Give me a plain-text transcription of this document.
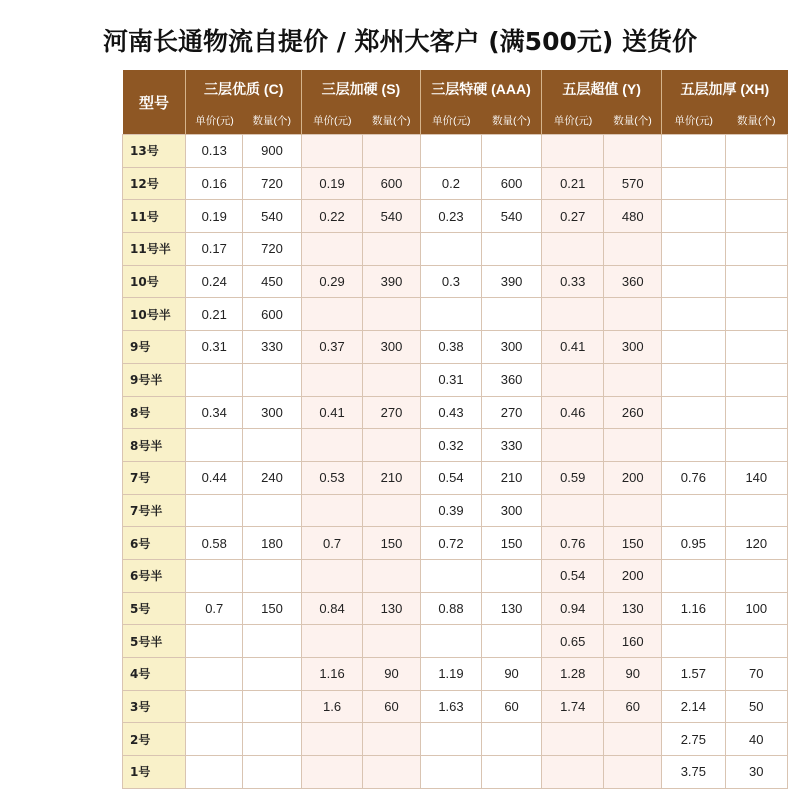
河南长通物流自提价 / 郑州大客户 (满500元) 送货价
型号	三层优质 (C)		三层加硬 (S)		三层特硬 (AAA)		五层超值 (Y)		五层加厚 (XH)	
	单价(元)	数量(个)	单价(元)	数量(个)	单价(元)	数量(个)	单价(元)	数量(个)	单价(元)	数量(个)
13号	0.13	900								
12号	0.16	720	0.19	600	0.2	600	0.21	570		
11号	0.19	540	0.22	540	0.23	540	0.27	480		
11号半	0.17	720								
10号	0.24	450	0.29	390	0.3	390	0.33	360		
10号半	0.21	600								
9号	0.31	330	0.37	300	0.38	300	0.41	300		
9号半					0.31	360				
8号	0.34	300	0.41	270	0.43	270	0.46	260		
8号半					0.32	330				
7号	0.44	240	0.53	210	0.54	210	0.59	200	0.76	140
7号半					0.39	300				
6号	0.58	180	0.7	150	0.72	150	0.76	150	0.95	120
6号半							0.54	200		
5号	0.7	150	0.84	130	0.88	130	0.94	130	1.16	100
5号半							0.65	160		
4号			1.16	90	1.19	90	1.28	90	1.57	70
3号			1.6	60	1.63	60	1.74	60	2.14	50
2号									2.75	40
1号									3.75	30
